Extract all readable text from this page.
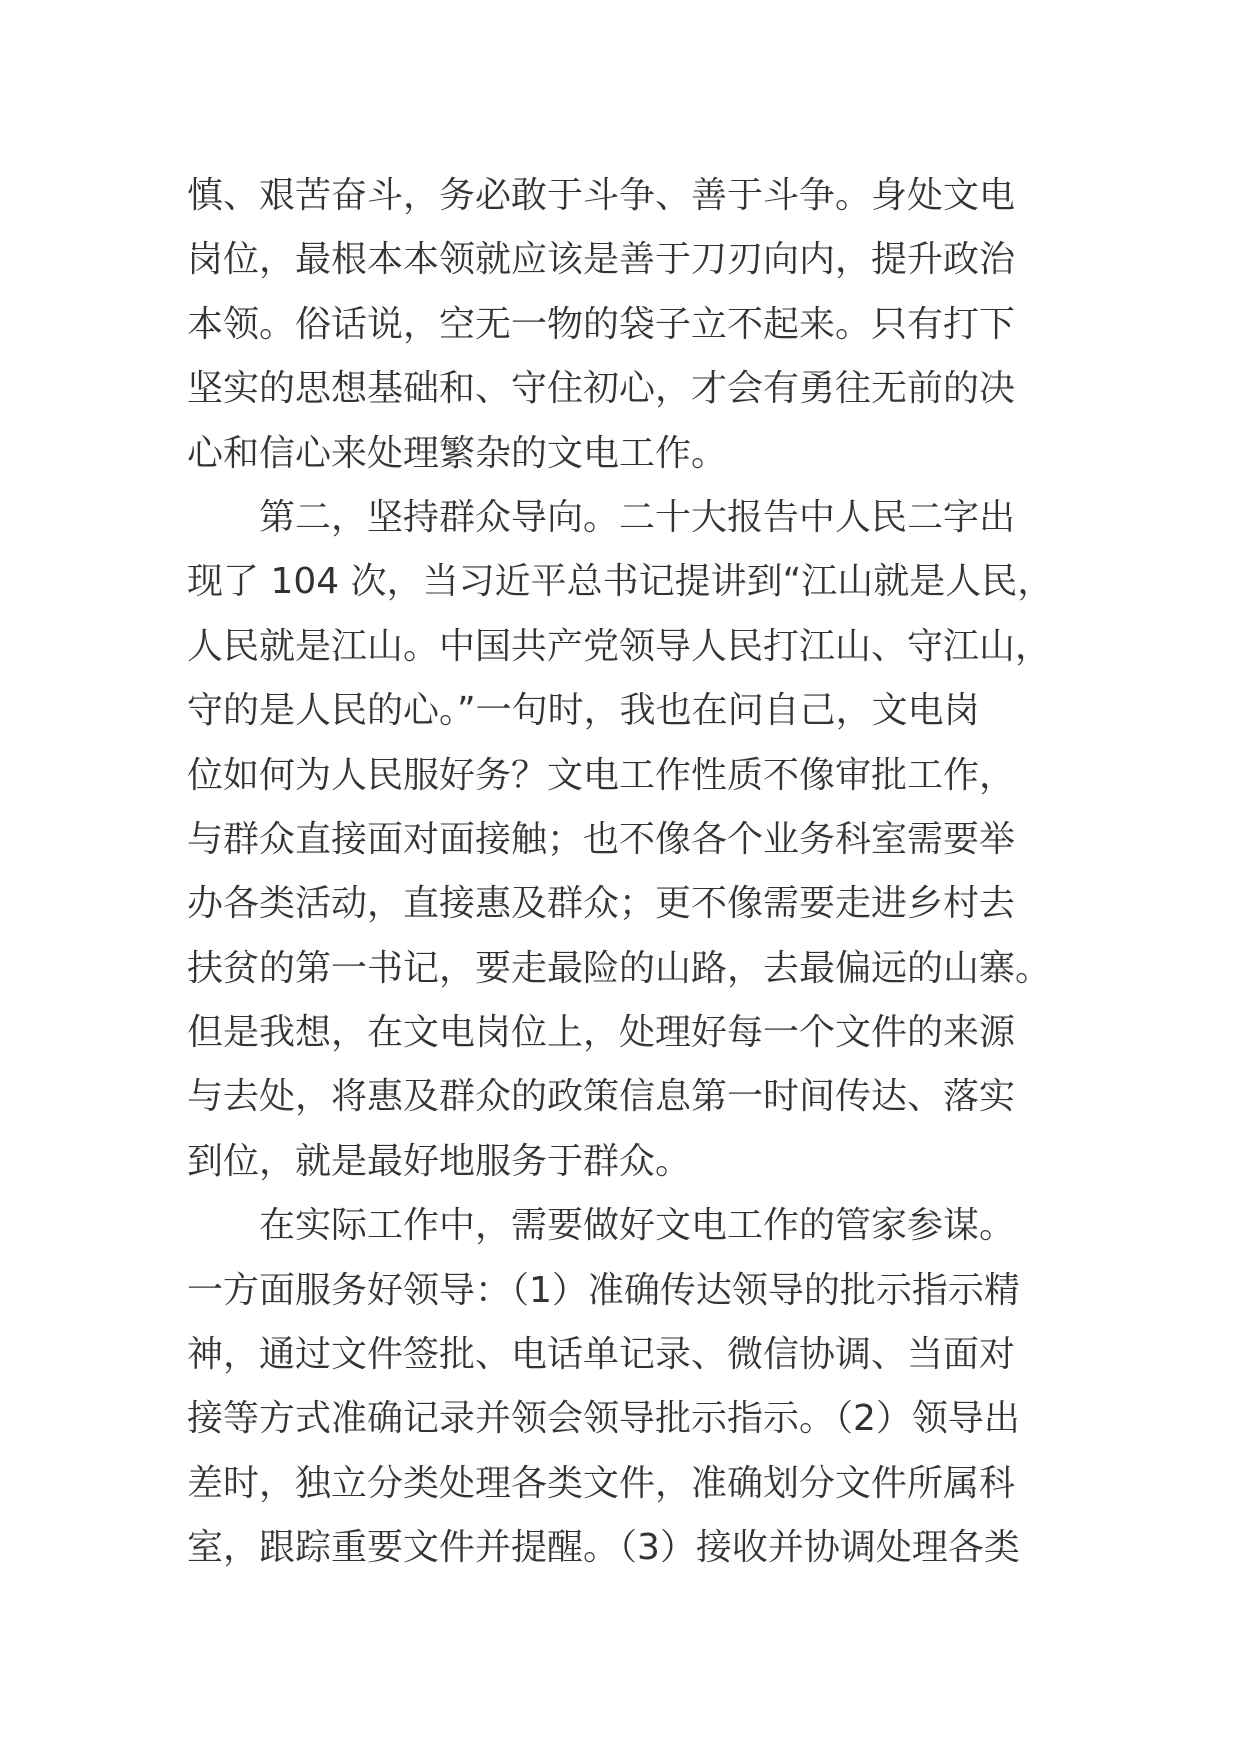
慎、艰苦奋斗，务必敢于斗争、善于斗争。身处文电
岗位，最根本本领就应该是善于刀刃向内，提升政治
本领。俗话说，空无一物的袋子立不起来。只有打下
坚实的思想基础和、守住初心，才会有勇往无前的决
心和信心来处理繁杂的文电工作。
第二，坚持群众导向。二十大报告中人民二字出
现了 104 次，当习近平总书记提讲到“江山就是人民，
人民就是江山。中国共产党领导人民打江山、守江山，
守的是人民的心。”一句时，我也在问自己，文电岗
位如何为人民服好务？文电工作性质不像审批工作，
与群众直接面对面接触；也不像各个业务科室需要举
办各类活动，直接惠及群众；更不像需要走进乡村去
扶贫的第一书记，要走最险的山路，去最偏远的山寨。
但是我想，在文电岗位上，处理好每一个文件的来源
与去处，将惠及群众的政策信息第一时间传达、落实
到位，就是最好地服务于群众。
在实际工作中，需要做好文电工作的管家参谋。
一方面服务好领导：（1）准确传达领导的批示指示精
神，通过文件签批、电话单记录、微信协调、当面对
接等方式准确记录并领会领导批示指示。（2）领导出
差时，独立分类处理各类文件，准确划分文件所属科
室，跟踪重要文件并提醒。（3）接收并协调处理各类
